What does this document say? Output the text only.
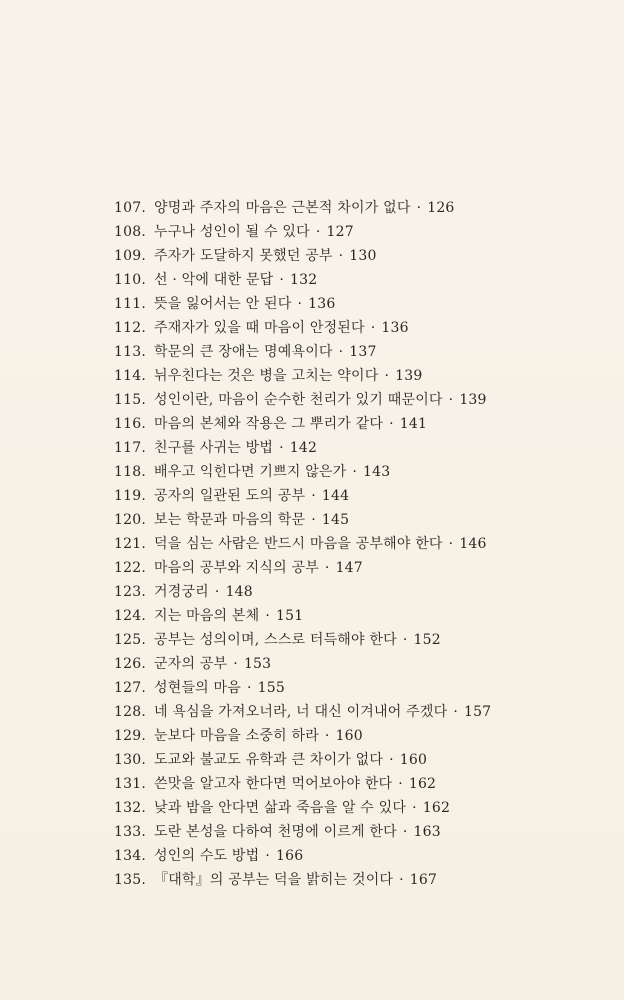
107. 양명과 주자의 마음은 근본적 차이가 없다 · 126
108. 누구나 성인이 될 수 있다 · 127
109. 주자가 도달하지 못했던 공부 · 130
110. 선 · 악에 대한 문답 · 132
111. 뜻을 잃어서는 안 된다 · 136
112. 주재자가 있을 때 마음이 안정된다 · 136
113. 학문의 큰 장애는 명예욕이다 · 137
114. 뉘우친다는 것은 병을 고치는 약이다 · 139
115. 성인이란, 마음이 순수한 천리가 있기 때문이다 · 139
116. 마음의 본체와 작용은 그 뿌리가 같다 · 141
117. 친구를 사귀는 방법 · 142
118. 배우고 익힌다면 기쁘지 않은가 · 143
119. 공자의 일관된 도의 공부 · 144
120. 보는 학문과 마음의 학문 · 145
121. 덕을 심는 사람은 반드시 마음을 공부해야 한다 · 146
122. 마음의 공부와 지식의 공부 · 147
123. 거경궁리 · 148
124. 지는 마음의 본체 · 151
125. 공부는 성의이며, 스스로 터득해야 한다 · 152
126. 군자의 공부 · 153
127. 성현들의 마음 · 155
128. 네 욕심을 가져오너라, 너 대신 이겨내어 주겠다 · 157
129. 눈보다 마음을 소중히 하라 · 160
130. 도교와 불교도 유학과 큰 차이가 없다 · 160
131. 쓴맛을 알고자 한다면 먹어보아야 한다 · 162
132. 낮과 밤을 안다면 삶과 죽음을 알 수 있다 · 162
133. 도란 본성을 다하여 천명에 이르게 한다 · 163
134. 성인의 수도 방법 · 166
135. 『대학』의 공부는 덕을 밝히는 것이다 · 167
